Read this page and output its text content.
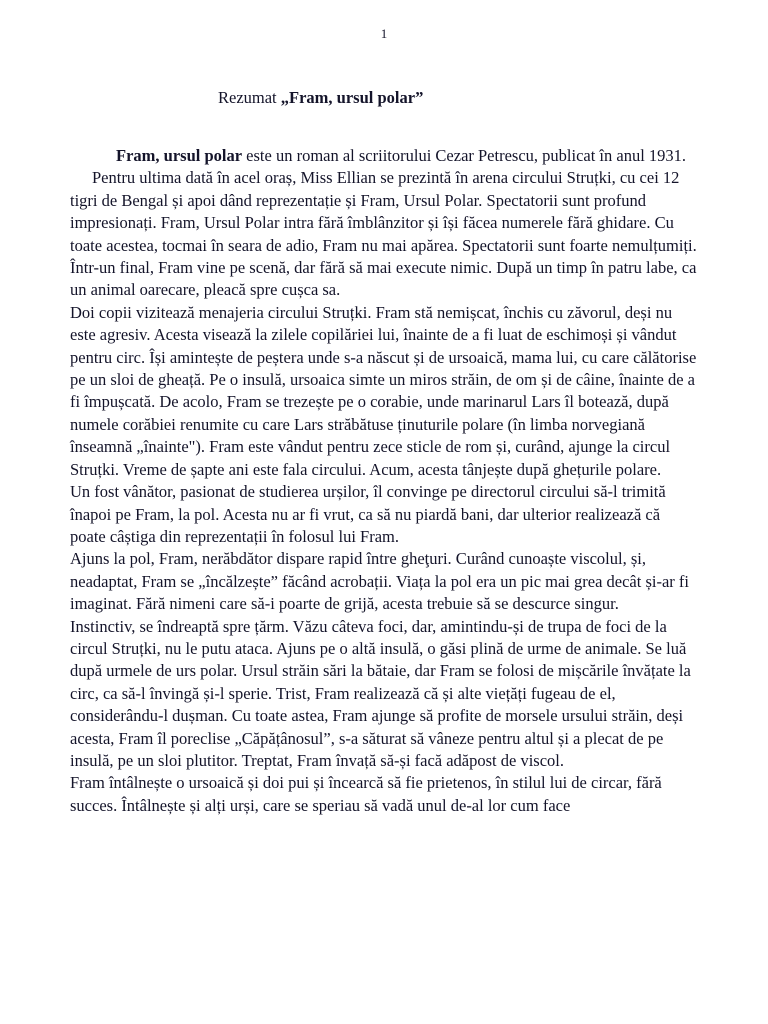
1
Rezumat „Fram, ursul polar”

Fram, ursul polar este un roman al scriitorului Cezar Petrescu, publicat în anul 1931.

Pentru ultima dată în acel oraș, Miss Ellian se prezintă în arena circului Struțki, cu cei 12 tigri de Bengal și apoi dând reprezentație și Fram, Ursul Polar. Spectatorii sunt profund impresionați. Fram, Ursul Polar intra fără îmblânzitor și își făcea numerele fără ghidare. Cu toate acestea, tocmai în seara de adio, Fram nu mai apărea. Spectatorii sunt foarte nemulțumiți. Într-un final, Fram vine pe scenă, dar fără să mai execute nimic. După un timp în patru labe, ca un animal oarecare, pleacă spre cușca sa.

Doi copii vizitează menajeria circului Struțki. Fram stă nemișcat, închis cu zăvorul, deși nu este agresiv. Acesta visează la zilele copilăriei lui, înainte de a fi luat de eschimoși și vândut pentru circ. Își amintește de peștera unde s-a născut și de ursoaică, mama lui, cu care călătorise pe un sloi de gheață. Pe o insulă, ursoaica simte un miros străin, de om și de câine, înainte de a fi împușcată. De acolo, Fram se trezește pe o corabie, unde marinarul Lars îl botează, după numele corăbiei renumite cu care Lars străbătuse ținuturile polare (în limba norvegiană înseamnă „înainte"). Fram este vândut pentru zece sticle de rom și, curând, ajunge la circul Struțki. Vreme de șapte ani este fala circului. Acum, acesta tânjește după ghețurile polare.

Un fost vânător, pasionat de studierea urșilor, îl convinge pe directorul circului să-l trimită înapoi pe Fram, la pol. Acesta nu ar fi vrut, ca să nu piardă bani, dar ulterior realizează că poate câștiga din reprezentații în folosul lui Fram.

Ajuns la pol, Fram, nerăbdător dispare rapid între gheţuri. Curând cunoaște viscolul, și, neadaptat, Fram se „încălzește” făcând acrobații. Viața la pol era un pic mai grea decât și-ar fi imaginat. Fără nimeni care să-i poarte de grijă, acesta trebuie să se descurce singur.

Instinctiv, se îndreaptă spre țărm. Văzu câteva foci, dar, amintindu-și de trupa de foci de la circul Struțki, nu le putu ataca. Ajuns pe o altă insulă, o găsi plină de urme de animale. Se luă după urmele de urs polar. Ursul străin sări la bătaie, dar Fram se folosi de mișcările învățate la circ, ca să-l învingă și-l sperie. Trist, Fram realizează că și alte viețăți fugeau de el, considerându-l dușman. Cu toate astea, Fram ajunge să profite de morsele ursului străin, deși acesta, Fram îl poreclise „Căpățânosul”, s-a săturat să vâneze pentru altul și a plecat de pe insulă, pe un sloi plutitor. Treptat, Fram învață să-și facă adăpost de viscol.

Fram întâlnește o ursoaică și doi pui și încearcă să fie prietenos, în stilul lui de circar, fără succes. Întâlnește și alți urși, care se speriau să vadă unul de-al lor cum face
